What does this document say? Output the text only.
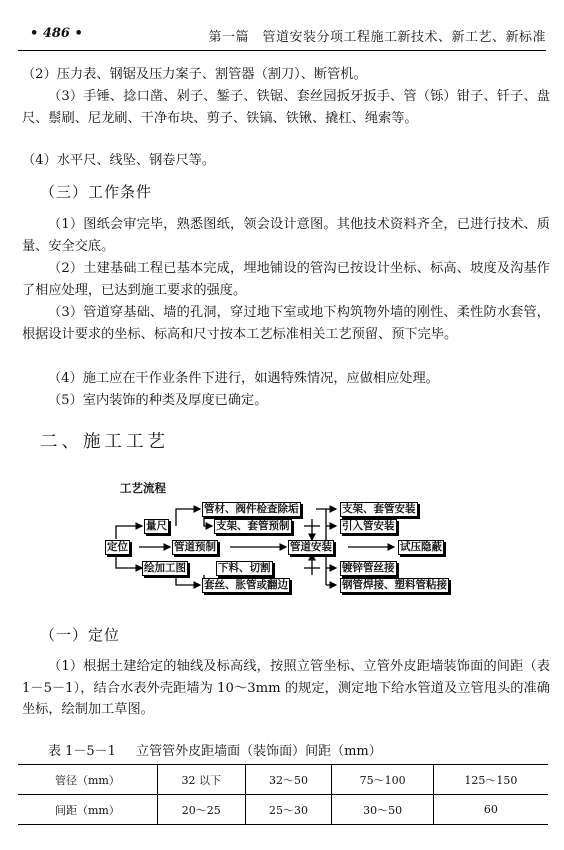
• 486 •	第一篇　管道安装分项工程施工新技术、新工艺、新标准

（2）压力表、钢锯及压力案子、割管器（割刀）、断管机。

（3）手锤、捻口凿、剁子、錾子、铁锯、套丝园扳牙扳手、管（铄）钳子、钎子、盘尺、鬃刷、尼龙刷、干净布块、剪子、铁镐、铁锹、撬杠、绳索等。

（4）水平尺、线坠、钢卷尺等。

（三）工作条件

（1）图纸会审完毕，熟悉图纸，领会设计意图。其他技术资料齐全，已进行技术、质量、安全交底。

（2）土建基础工程已基本完成，埋地铺设的管沟已按设计坐标、标高、坡度及沟基作了相应处理，已达到施工要求的强度。

（3）管道穿基础、墙的孔洞，穿过地下室或地下构筑物外墙的刚性、柔性防水套管，根据设计要求的坐标、标高和尺寸按本工艺标准相关工艺预留、预下完毕。

（4）施工应在干作业条件下进行，如遇特殊情况，应做相应处理。

（5）室内装饰的种类及厚度已确定。

二、施工工艺

工艺流程
定位
量尺
绘加工图
管道预制
管材、阀件检查除垢
支架、套管预制
下料、切割
套丝、胀管或翻边
管道安装
支架、套管安装
引入管安装
试压隐蔽
镀锌管丝接
钢管焊接、塑料管粘接

（一）定位

（1）根据土建给定的轴线及标高线，按照立管坐标、立管外皮距墙装饰面的间距（表 1－5－1），结合水表外壳距墙为 10～3mm 的规定，测定地下给水管道及立管甩头的准确坐标，绘制加工草图。

表 1－5－1 立管管外皮距墙面（装饰面）间距（mm）
管径（mm）	32 以下	32～50	75～100	125～150
间距（mm）	20～25	25～30	30～50	60
